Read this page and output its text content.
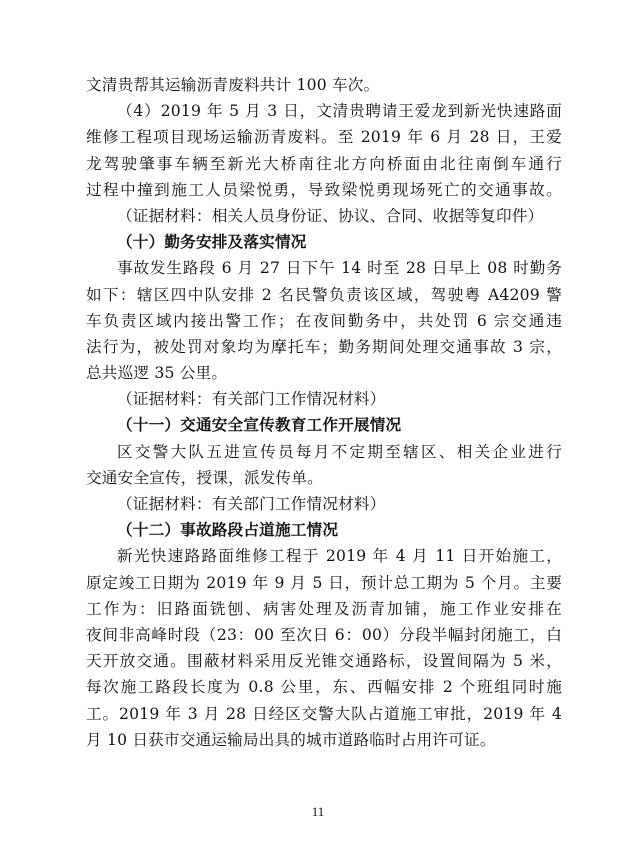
文清贵帮其运输沥青废料共计 100 车次。
（4）2019 年 5 月 3 日，文清贵聘请王爱龙到新光快速路面
维修工程项目现场运输沥青废料。至 2019 年 6 月 28 日，王爱
龙驾驶肇事车辆至新光大桥南往北方向桥面由北往南倒车通行
过程中撞到施工人员梁悦勇，导致梁悦勇现场死亡的交通事故。
（证据材料：相关人员身份证、协议、合同、收据等复印件）
（十）勤务安排及落实情况
事故发生路段 6 月 27 日下午 14 时至 28 日早上 08 时勤务
如下：辖区四中队安排 2 名民警负责该区域，驾驶粤 A4209 警
车负责区域内接出警工作；在夜间勤务中，共处罚 6 宗交通违
法行为，被处罚对象均为摩托车；勤务期间处理交通事故 3 宗，
总共巡逻 35 公里。
（证据材料：有关部门工作情况材料）
（十一）交通安全宣传教育工作开展情况
区交警大队五进宣传员每月不定期至辖区、相关企业进行
交通安全宣传，授课，派发传单。
（证据材料：有关部门工作情况材料）
（十二）事故路段占道施工情况
新光快速路路面维修工程于 2019 年 4 月 11 日开始施工，
原定竣工日期为 2019 年 9 月 5 日，预计总工期为 5 个月。主要
工作为：旧路面铣刨、病害处理及沥青加铺，施工作业安排在
夜间非高峰时段（23：00 至次日 6：00）分段半幅封闭施工，白
天开放交通。围蔽材料采用反光锥交通路标，设置间隔为 5 米，
每次施工路段长度为 0.8 公里，东、西幅安排 2 个班组同时施
工。2019 年 3 月 28 日经区交警大队占道施工审批，2019 年 4
月 10 日获市交通运输局出具的城市道路临时占用许可证。
11
